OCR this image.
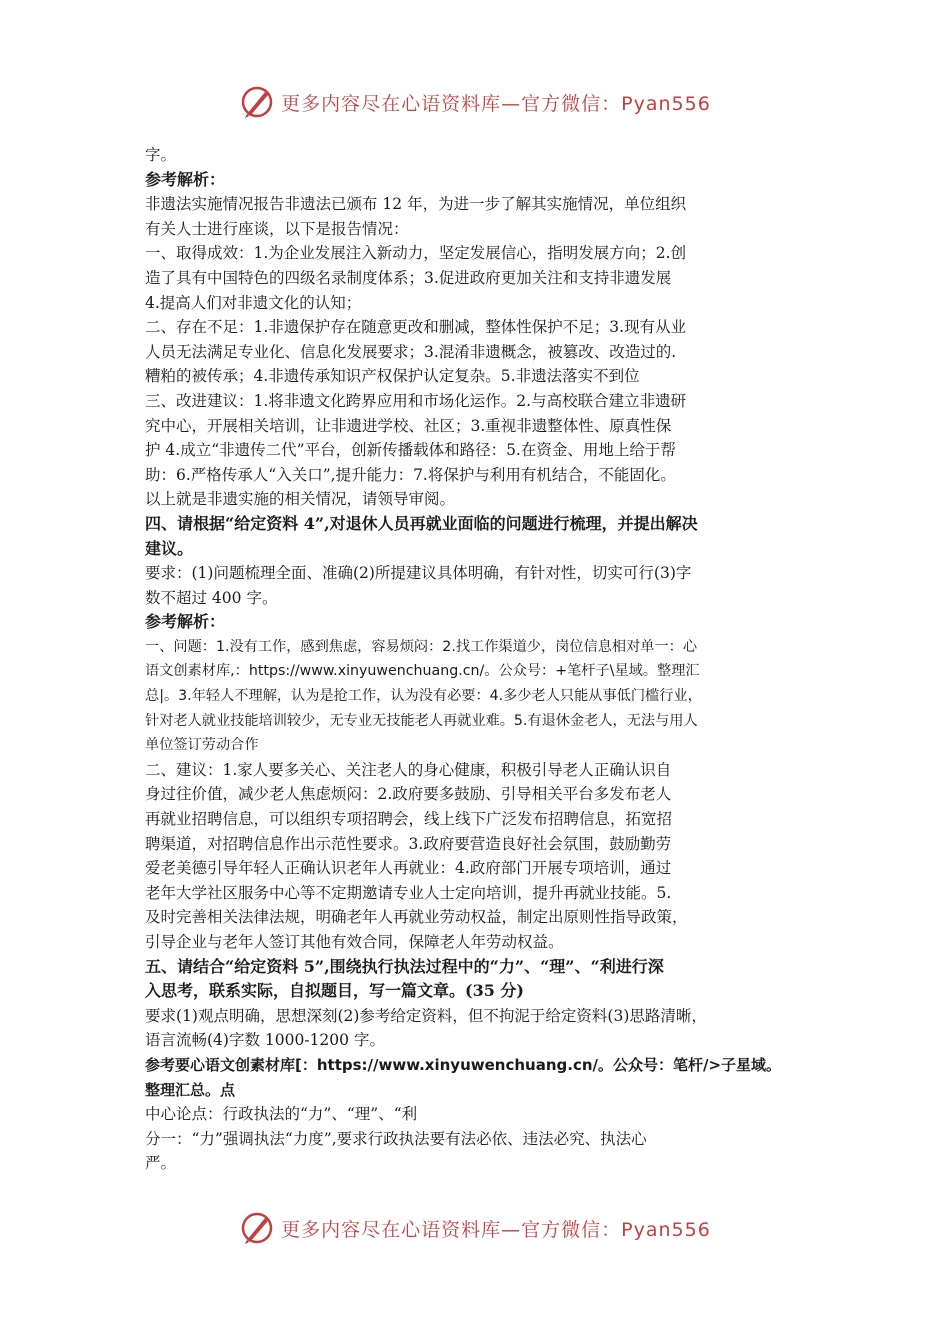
更多内容尽在心语资料库—官方微信：Pyan556
字。
参考解析：
非遗法实施情况报告非遗法已颁布 12 年，为进一步了解其实施情况，单位组织
有关人士进行座谈，以下是报告情况：
一、取得成效：1.为企业发展注入新动力，坚定发展信心，指明发展方向；2.创
造了具有中国特色的四级名录制度体系；3.促进政府更加关注和支持非遗发展
4.提高人们对非遗文化的认知；
二、存在不足：1.非遗保护存在随意更改和删减，整体性保护不足；3.现有从业
人员无法满足专业化、信息化发展要求；3.混淆非遗概念，被篡改、改造过的.
糟粕的被传承；4.非遗传承知识产权保护认定复杂。5.非遗法落实不到位
三、改进建议：1.将非遗文化跨界应用和市场化运作。2.与高校联合建立非遗研
究中心，开展相关培训，让非遗进学校、社区；3.重视非遗整体性、原真性保
护 4.成立“非遗传二代”平台，创新传播载体和路径：5.在资金、用地上给于帮
助：6.严格传承人“入关口”,提升能力：7.将保护与利用有机结合，不能固化。
以上就是非遗实施的相关情况，请领导审阅。
四、请根据“给定资料 4”,对退休人员再就业面临的问题进行梳理，并提出解决
建议。
要求：(1)问题梳理全面、准确(2)所提建议具体明确，有针对性，切实可行(3)字
数不超过 400 字。
参考解析：
一、问题：1.没有工作，感到焦虑，容易烦闷：2.找工作渠道少，岗位信息相对单一：心
语文创素材库,：https://www.xinyuwenchuang.cn/。公众号：+笔杆子\星域。整理汇
总|。3.年轻人不理解，认为是抢工作，认为没有必要：4.多少老人只能从事低门槛行业，
针对老人就业技能培训较少，无专业无技能老人再就业难。5.有退休金老人，无法与用人
单位签订劳动合作
二、建议：1.家人要多关心、关注老人的身心健康，积极引导老人正确认识自
身过往价值，减少老人焦虑烦闷：2.政府要多鼓励、引导相关平台多发布老人
再就业招聘信息，可以组织专项招聘会，线上线下广泛发布招聘信息，拓宽招
聘渠道，对招聘信息作出示范性要求。3.政府要营造良好社会氛围，鼓励勤劳
爱老美德引导年轻人正确认识老年人再就业：4.政府部门开展专项培训，通过
老年大学社区服务中心等不定期邀请专业人士定向培训，提升再就业技能。5.
及时完善相关法律法规，明确老年人再就业劳动权益，制定出原则性指导政策，
引导企业与老年人签订其他有效合同，保障老人年劳动权益。
五、请结合“给定资料 5”,围绕执行执法过程中的“力”、“理”、“利进行深
入思考，联系实际，自拟题目，写一篇文章。(35 分)
要求(1)观点明确，思想深刻(2)参考给定资料，但不拘泥于给定资料(3)思路清晰，
语言流畅(4)字数 1000-1200 字。
参考要心语文创素材库[：https://www.xinyuwenchuang.cn/。公众号：笔杆/>子星域。
整理汇总。点
中心论点：行政执法的“力”、“理”、“利
分一：“力”强调执法“力度”,要求行政执法要有法必依、违法必究、执法心
严。
更多内容尽在心语资料库—官方微信：Pyan556
